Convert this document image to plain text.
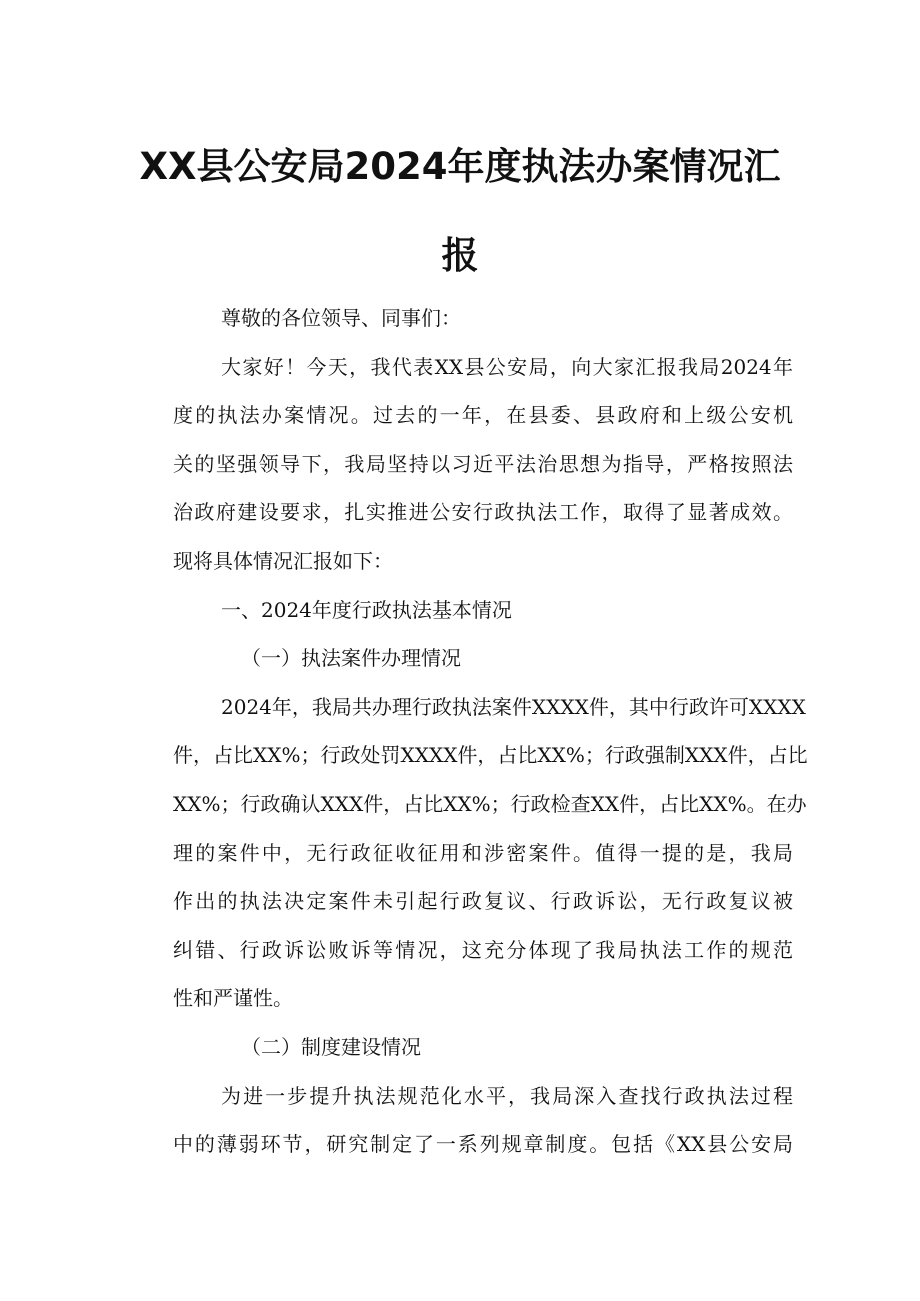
XX县公安局2024年度执法办案情况汇
报
尊敬的各位领导、同事们：
大家好！今天，我代表XX县公安局，向大家汇报我局2024年
度的执法办案情况。过去的一年，在县委、县政府和上级公安机
关的坚强领导下，我局坚持以习近平法治思想为指导，严格按照法
治政府建设要求，扎实推进公安行政执法工作，取得了显著成效。
现将具体情况汇报如下：
一、2024年度行政执法基本情况
（一）执法案件办理情况
2024年，我局共办理行政执法案件XXXX件，其中行政许可XXXX
件，占比XX%；行政处罚XXXX件，占比XX%；行政强制XXX件，占比
XX%；行政确认XXX件，占比XX%；行政检查XX件，占比XX%。在办
理的案件中，无行政征收征用和涉密案件。值得一提的是，我局
作出的执法决定案件未引起行政复议、行政诉讼，无行政复议被
纠错、行政诉讼败诉等情况，这充分体现了我局执法工作的规范
性和严谨性。
（二）制度建设情况
为进一步提升执法规范化水平，我局深入查找行政执法过程
中的薄弱环节，研究制定了一系列规章制度。包括《XX县公安局
